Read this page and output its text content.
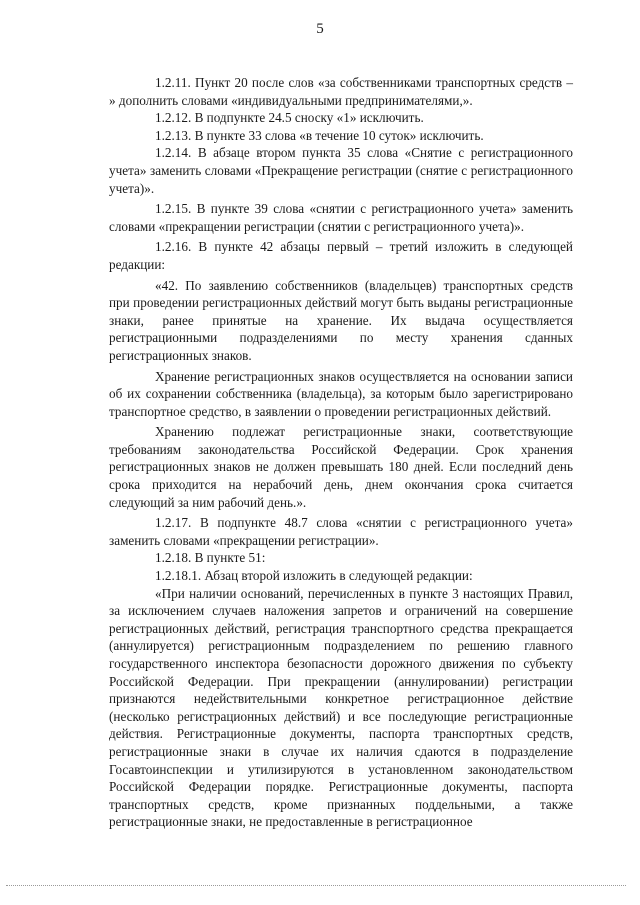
5

1.2.11. Пункт 20 после слов «за собственниками транспортных средств – » дополнить словами «индивидуальными предпринимателями,».

1.2.12. В подпункте 24.5 сноску «1» исключить.

1.2.13. В пункте 33 слова «в течение 10 суток» исключить.

1.2.14. В абзаце втором пункта 35 слова «Снятие с регистрационного учета» заменить словами «Прекращение регистрации (снятие с регистрационного учета)».

1.2.15. В пункте 39 слова «снятии с регистрационного учета» заменить словами «прекращении регистрации (снятии с регистрационного учета)».

1.2.16. В пункте 42 абзацы первый – третий изложить в следующей редакции:

«42. По заявлению собственников (владельцев) транспортных средств при проведении регистрационных действий могут быть выданы регистрационные знаки, ранее принятые на хранение. Их выдача осуществляется регистрационными подразделениями по месту хранения сданных регистрационных знаков.

Хранение регистрационных знаков осуществляется на основании записи об их сохранении собственника (владельца), за которым было зарегистрировано транспортное средство, в заявлении о проведении регистрационных действий.

Хранению подлежат регистрационные знаки, соответствующие требованиям законодательства Российской Федерации. Срок хранения регистрационных знаков не должен превышать 180 дней. Если последний день срока приходится на нерабочий день, днем окончания срока считается следующий за ним рабочий день.».

1.2.17. В подпункте 48.7 слова «снятии с регистрационного учета» заменить словами «прекращении регистрации».

1.2.18. В пункте 51:

1.2.18.1. Абзац второй изложить в следующей редакции:

«При наличии оснований, перечисленных в пункте 3 настоящих Правил, за исключением случаев наложения запретов и ограничений на совершение регистрационных действий, регистрация транспортного средства прекращается (аннулируется) регистрационным подразделением по решению главного государственного инспектора безопасности дорожного движения по субъекту Российской Федерации. При прекращении (аннулировании) регистрации признаются недействительными конкретное регистрационное действие (несколько регистрационных действий) и все последующие регистрационные действия. Регистрационные документы, паспорта транспортных средств, регистрационные знаки в случае их наличия сдаются в подразделение Госавтоинспекции и утилизируются в установленном законодательством Российской Федерации порядке. Регистрационные документы, паспорта транспортных средств, кроме признанных поддельными, а также регистрационные знаки, не предоставленные в регистрационное
